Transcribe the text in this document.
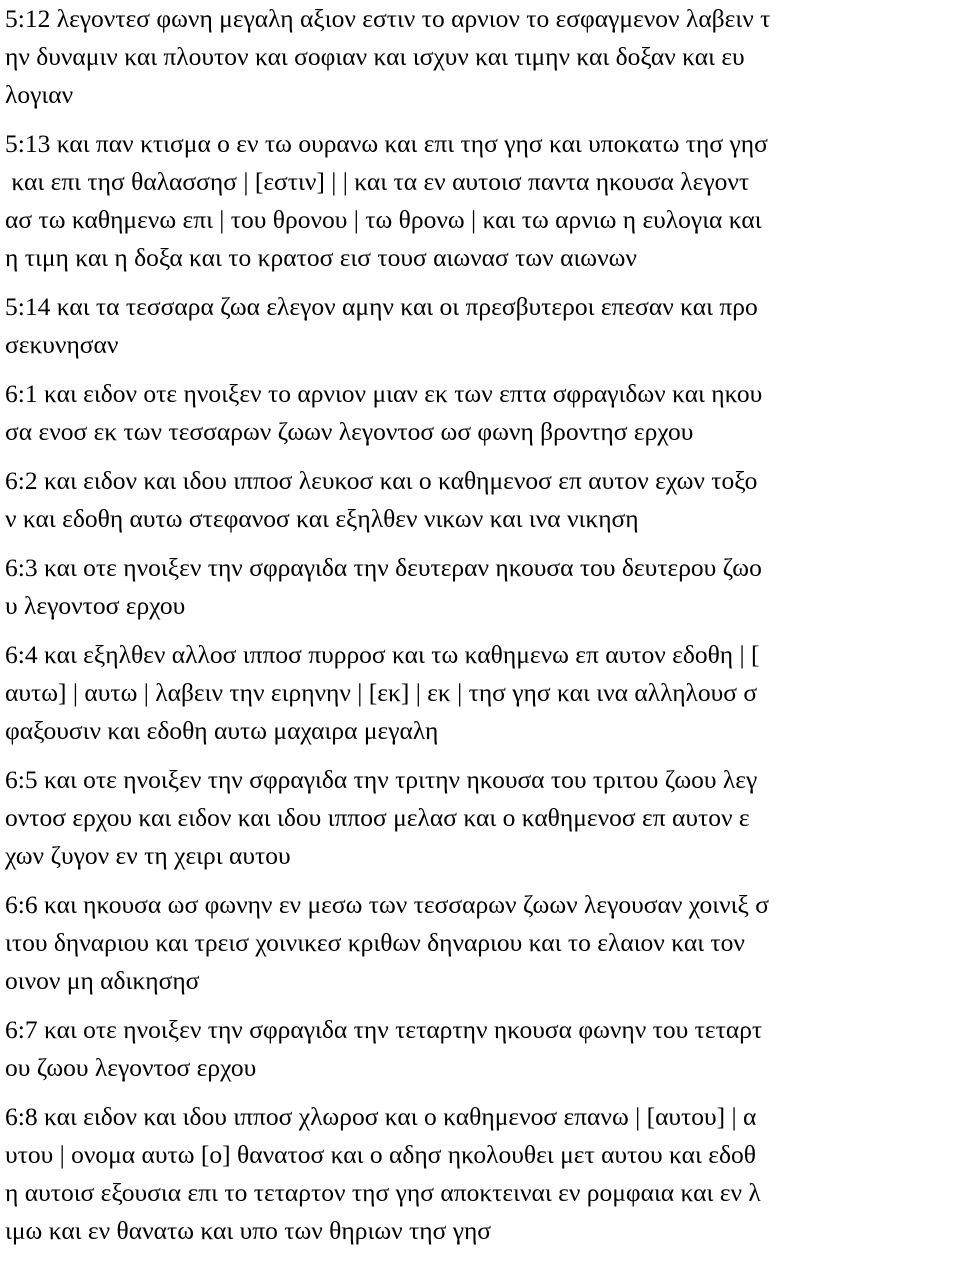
5:12 λεγοντεσ φωνη μεγαλη αξιον εστιν το αρνιον το εσφαγμενον λαβειν τ
ην δυναμιν και πλουτον και σοφιαν και ισχυν και τιμην και δοξαν και ευ
λογιαν
5:13 και παν κτισμα ο εν τω ουρανω και επι τησ γησ και υποκατω τησ γησ
και επι τησ θαλασσησ | [εστιν] | | και τα εν αυτοισ παντα ηκουσα λεγοντ
ασ τω καθημενω επι | του θρονου | τω θρονω | και τω αρνιω η ευλογια και
η τιμη και η δοξα και το κρατοσ εισ τουσ αιωνασ των αιωνων
5:14 και τα τεσσαρα ζωα ελεγον αμην και οι πρεσβυτεροι επεσαν και προ
σεκυνησαν
6:1 και ειδον οτε ηνοιξεν το αρνιον μιαν εκ των επτα σφραγιδων και ηκου
σα ενοσ εκ των τεσσαρων ζωων λεγοντοσ ωσ φωνη βροντησ ερχου
6:2 και ειδον και ιδου ιπποσ λευκοσ και ο καθημενοσ επ αυτον εχων τοξο
ν και εδοθη αυτω στεφανοσ και εξηλθεν νικων και ινα νικηση
6:3 και οτε ηνοιξεν την σφραγιδα την δευτεραν ηκουσα του δευτερου ζωο
υ λεγοντοσ ερχου
6:4 και εξηλθεν αλλοσ ιπποσ πυρροσ και τω καθημενω επ αυτον εδοθη | [
αυτω] | αυτω | λαβειν την ειρηνην | [εκ] | εκ | τησ γησ και ινα αλληλουσ σ
φαξουσιν και εδοθη αυτω μαχαιρα μεγαλη
6:5 και οτε ηνοιξεν την σφραγιδα την τριτην ηκουσα του τριτου ζωου λεγ
οντοσ ερχου και ειδον και ιδου ιπποσ μελασ και ο καθημενοσ επ αυτον ε
χων ζυγον εν τη χειρι αυτου
6:6 και ηκουσα ωσ φωνην εν μεσω των τεσσαρων ζωων λεγουσαν χοινιξ σ
ιτου δηναριου και τρεισ χοινικεσ κριθων δηναριου και το ελαιον και τον
οινον μη αδικησησ
6:7 και οτε ηνοιξεν την σφραγιδα την τεταρτην ηκουσα φωνην του τεταρτ
ου ζωου λεγοντοσ ερχου
6:8 και ειδον και ιδου ιπποσ χλωροσ και ο καθημενοσ επανω | [αυτου] | α
υτου | ονομα αυτω [ο] θανατοσ και ο αδησ ηκολουθει μετ αυτου και εδοθ
η αυτοισ εξουσια επι το τεταρτον τησ γησ αποκτειναι εν ρομφαια και εν λ
ιμω και εν θανατω και υπο των θηριων τησ γησ
